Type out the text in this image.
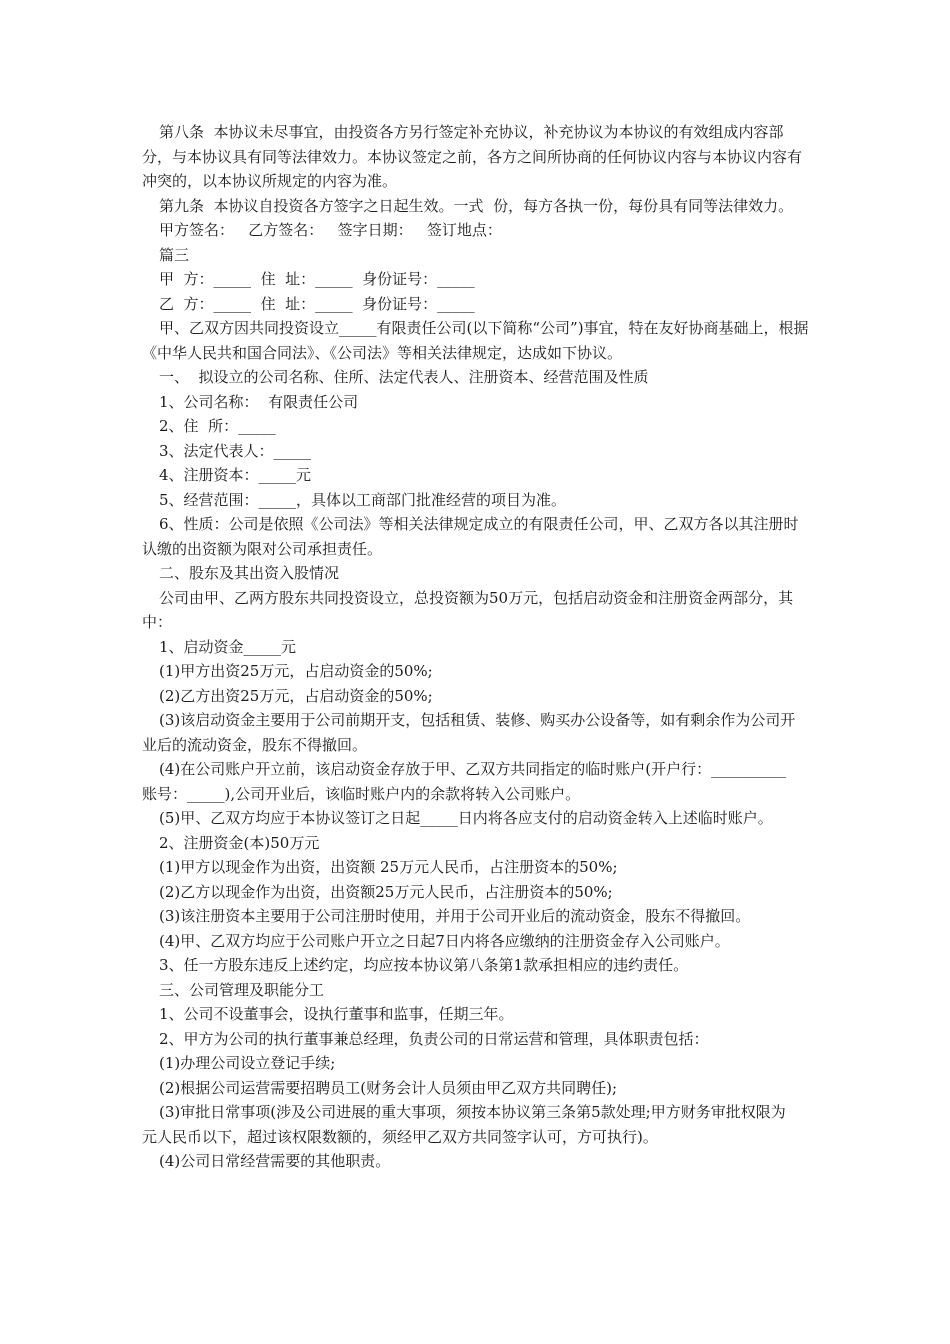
第八条  本协议未尽事宜，由投资各方另行签定补充协议，补充协议为本协议的有效组成内容部分，与本协议具有同等法律效力。本协议签定之前，各方之间所协商的任何协议内容与本协议内容有冲突的，以本协议所规定的内容为准。

第九条  本协议自投资各方签字之日起生效。一式  份，每方各执一份，每份具有同等法律效力。

甲方签名：   乙方签名：   签字日期：   签订地点：

篇三

甲  方：_____  住  址：_____  身份证号：_____

乙  方：_____  住  址：_____  身份证号：_____

甲、乙双方因共同投资设立_____有限责任公司(以下简称“公司”)事宜，特在友好协商基础上，根据《中华人民共和国合同法》、《公司法》等相关法律规定，达成如下协议。

一、  拟设立的公司名称、住所、法定代表人、注册资本、经营范围及性质

1、公司名称：  有限责任公司

2、住  所：_____

3、法定代表人：_____

4、注册资本：_____元

5、经营范围：_____，具体以工商部门批准经营的项目为准。

6、性质：公司是依照《公司法》等相关法律规定成立的有限责任公司，甲、乙双方各以其注册时认缴的出资额为限对公司承担责任。

二、股东及其出资入股情况

公司由甲、乙两方股东共同投资设立，总投资额为50万元，包括启动资金和注册资金两部分，其中：

1、启动资金_____元

(1)甲方出资25万元，占启动资金的50%;

(2)乙方出资25万元，占启动资金的50%;

(3)该启动资金主要用于公司前期开支，包括租赁、装修、购买办公设备等，如有剩余作为公司开业后的流动资金，股东不得撤回。

(4)在公司账户开立前，该启动资金存放于甲、乙双方共同指定的临时账户(开户行：__________  账号：_____),公司开业后，该临时账户内的余款将转入公司账户。

(5)甲、乙双方均应于本协议签订之日起_____日内将各应支付的启动资金转入上述临时账户。

2、注册资金(本)50万元

(1)甲方以现金作为出资，出资额 25万元人民币，占注册资本的50%;

(2)乙方以现金作为出资，出资额25万元人民币，占注册资本的50%;

(3)该注册资本主要用于公司注册时使用，并用于公司开业后的流动资金，股东不得撤回。

(4)甲、乙双方均应于公司账户开立之日起7日内将各应缴纳的注册资金存入公司账户。

3、任一方股东违反上述约定，均应按本协议第八条第1款承担相应的违约责任。

三、公司管理及职能分工

1、公司不设董事会，设执行董事和监事，任期三年。

2、甲方为公司的执行董事兼总经理，负责公司的日常运营和管理，具体职责包括：

(1)办理公司设立登记手续;

(2)根据公司运营需要招聘员工(财务会计人员须由甲乙双方共同聘任);

(3)审批日常事项(涉及公司进展的重大事项，须按本协议第三条第5款处理;甲方财务审批权限为  元人民币以下，超过该权限数额的，须经甲乙双方共同签字认可，方可执行)。

(4)公司日常经营需要的其他职责。
